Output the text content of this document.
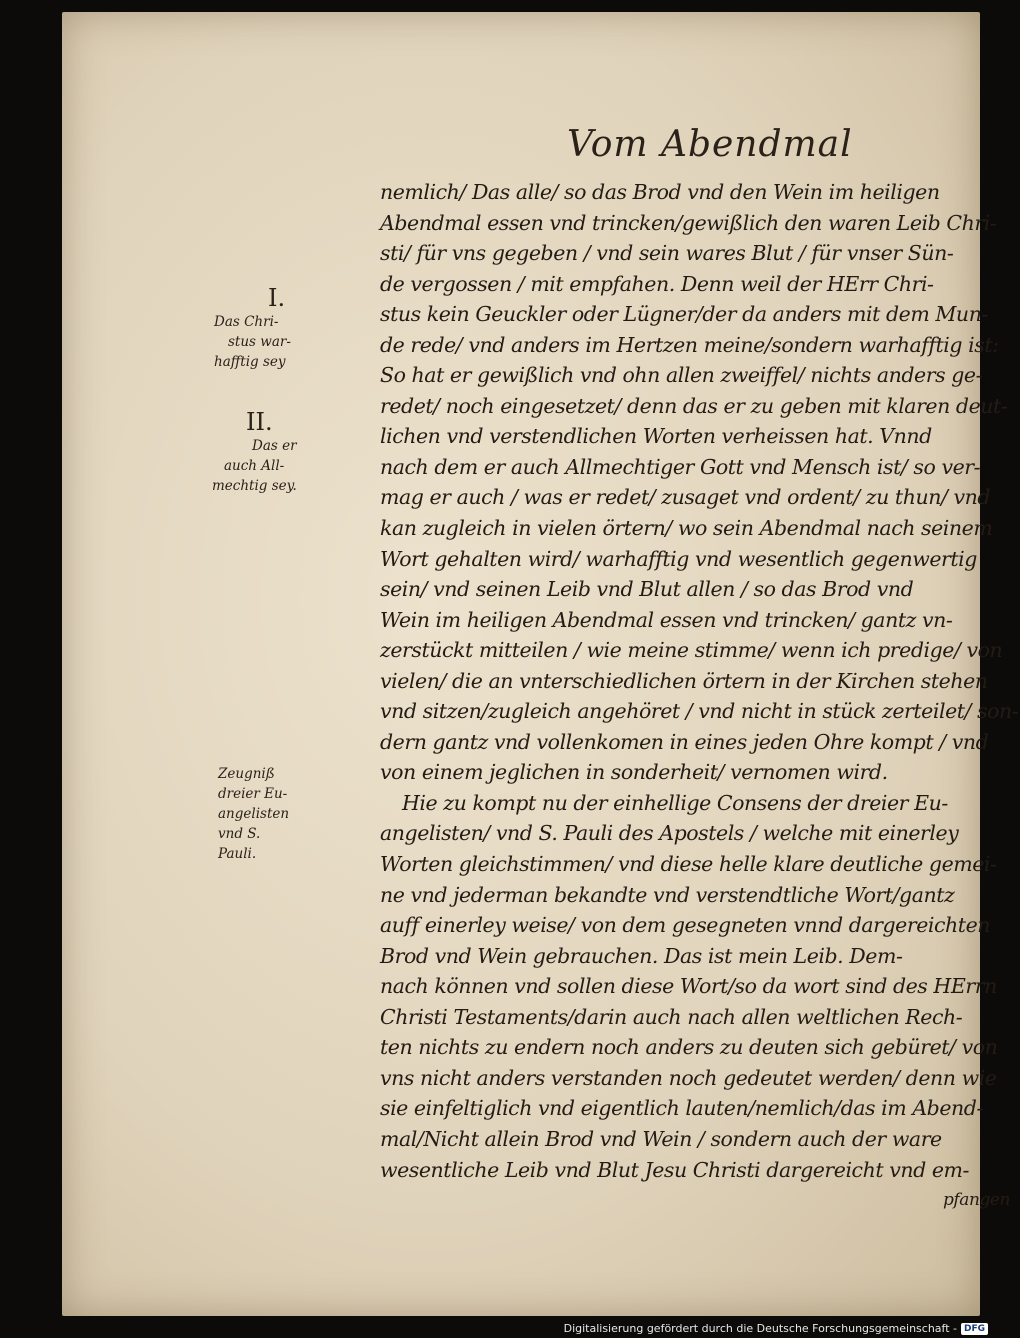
Vom Abendmal
nemlich/ Das alle/ so das Brod vnd den Wein im heiligen
Abendmal essen vnd trincken/gewißlich den waren Leib Chri-
sti/ für vns gegeben / vnd sein wares Blut / für vnser Sün-
de vergossen / mit empfahen. Denn weil der HErr Chri-
stus kein Geuckler oder Lügner/der da anders mit dem Mun-
de rede/ vnd anders im Hertzen meine/sondern warhafftig ist:
So hat er gewißlich vnd ohn allen zweiffel/ nichts anders ge-
redet/ noch eingesetzet/ denn das er zu geben mit klaren deut-
lichen vnd verstendlichen Worten verheissen hat. Vnnd
nach dem er auch Allmechtiger Gott vnd Mensch ist/ so ver-
mag er auch / was er redet/ zusaget vnd ordent/ zu thun/ vnd
kan zugleich in vielen örtern/ wo sein Abendmal nach seinem
Wort gehalten wird/ warhafftig vnd wesentlich gegenwertig
sein/ vnd seinen Leib vnd Blut allen / so das Brod vnd
Wein im heiligen Abendmal essen vnd trincken/ gantz vn-
zerstückt mitteilen / wie meine stimme/ wenn ich predige/ von
vielen/ die an vnterschiedlichen örtern in der Kirchen stehen
vnd sitzen/zugleich angehöret / vnd nicht in stück zerteilet/ son-
dern gantz vnd vollenkomen in eines jeden Ohre kompt / vnd
von einem jeglichen in sonderheit/ vernomen wird.
Hie zu kompt nu der einhellige Consens der dreier Eu-
angelisten/ vnd S. Pauli des Apostels / welche mit einerley
Worten gleichstimmen/ vnd diese helle klare deutliche gemei-
ne vnd jederman bekandte vnd verstendtliche Wort/gantz
auff einerley weise/ von dem gesegneten vnnd dargereichten
Brod vnd Wein gebrauchen. Das ist mein Leib. Dem-
nach können vnd sollen diese Wort/so da wort sind des HErrn
Christi Testaments/darin auch nach allen weltlichen Rech-
ten nichts zu endern noch anders zu deuten sich gebüret/ von
vns nicht anders verstanden noch gedeutet werden/ denn wie
sie einfeltiglich vnd eigentlich lauten/nemlich/das im Abend-
mal/Nicht allein Brod vnd Wein / sondern auch der ware
wesentliche Leib vnd Blut Jesu Christi dargereicht vnd em-
pfangen
I.
Das Chri-
stus war-
hafftig sey
II.
Das er
auch All-
mechtig sey.
Zeugniß
dreier Eu-
angelisten
vnd S.
Pauli.
Digitalisierung gefördert durch die Deutsche Forschungsgemeinschaft - DFG
